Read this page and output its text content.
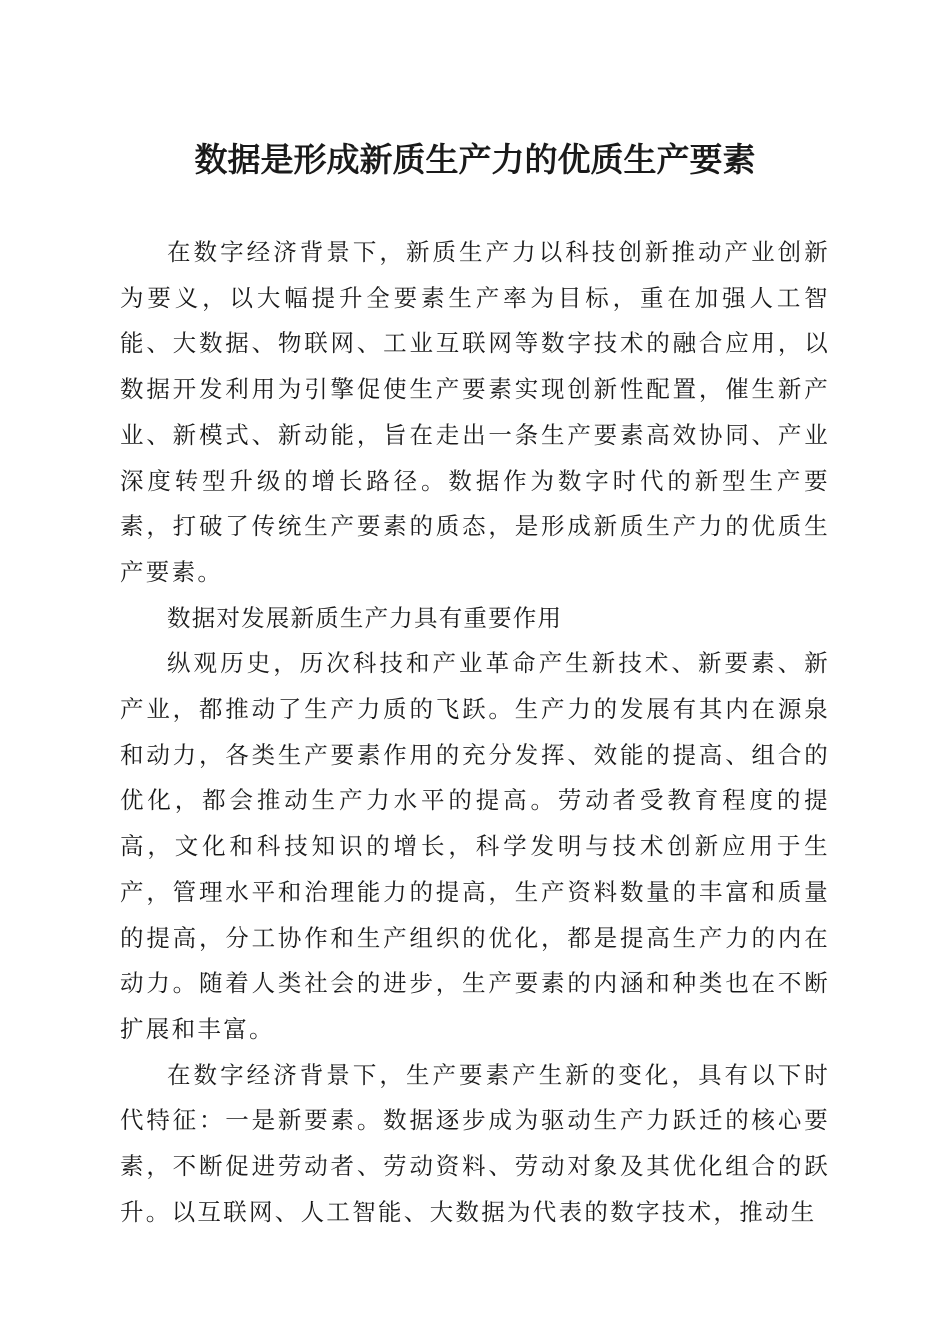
数据是形成新质生产力的优质生产要素

在数字经济背景下，新质生产力以科技创新推动产业创新为要义，以大幅提升全要素生产率为目标，重在加强人工智能、大数据、物联网、工业互联网等数字技术的融合应用，以数据开发利用为引擎促使生产要素实现创新性配置，催生新产业、新模式、新动能，旨在走出一条生产要素高效协同、产业深度转型升级的增长路径。数据作为数字时代的新型生产要素，打破了传统生产要素的质态，是形成新质生产力的优质生产要素。

数据对发展新质生产力具有重要作用

纵观历史，历次科技和产业革命产生新技术、新要素、新产业，都推动了生产力质的飞跃。生产力的发展有其内在源泉和动力，各类生产要素作用的充分发挥、效能的提高、组合的优化，都会推动生产力水平的提高。劳动者受教育程度的提高，文化和科技知识的增长，科学发明与技术创新应用于生产，管理水平和治理能力的提高，生产资料数量的丰富和质量的提高，分工协作和生产组织的优化，都是提高生产力的内在动力。随着人类社会的进步，生产要素的内涵和种类也在不断扩展和丰富。

在数字经济背景下，生产要素产生新的变化，具有以下时代特征：一是新要素。数据逐步成为驱动生产力跃迁的核心要素，不断促进劳动者、劳动资料、劳动对象及其优化组合的跃升。以互联网、人工智能、大数据为代表的数字技术，推动生
